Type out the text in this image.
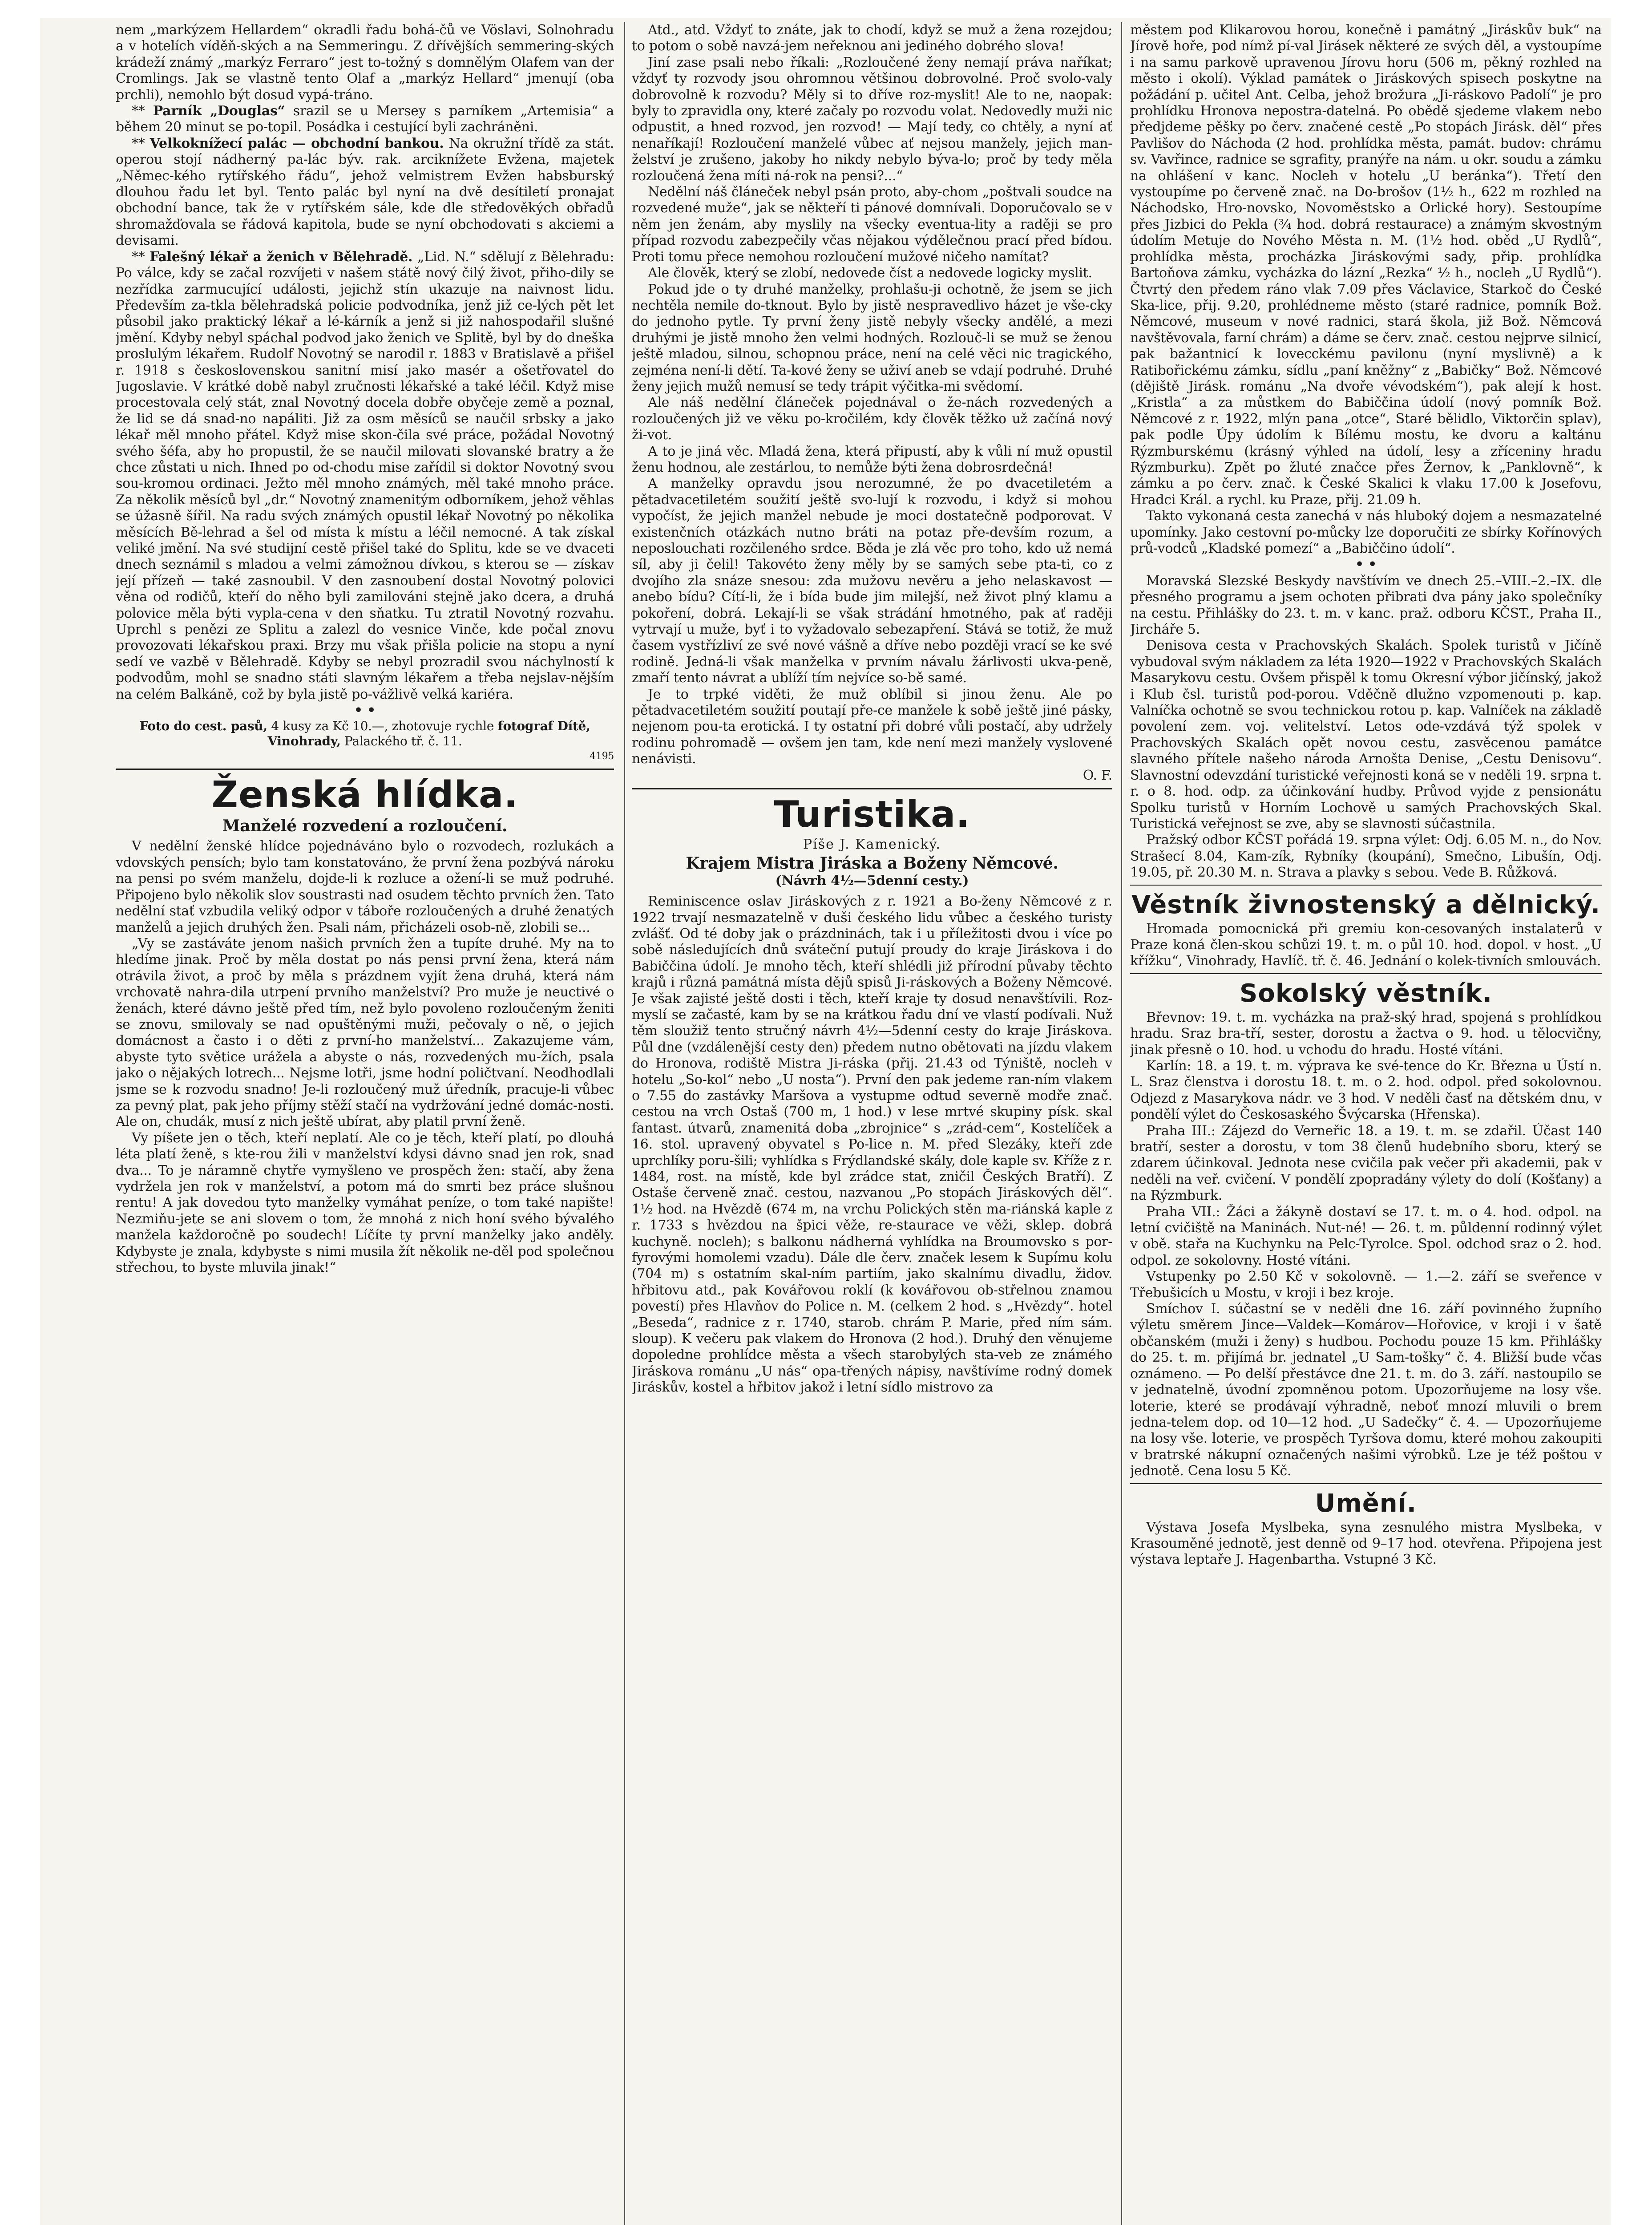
nem „markýzem Hellardem“ okradli řadu bohá-čů ve Vöslavi, Solnohradu a v hotelích víděň-ských a na Semmeringu. Z dřívějších semmering-ských krádeží známý „markýz Ferraro“ jest to-tožný s domnělým Olafem van der Cromlings. Jak se vlastně tento Olaf a „markýz Hellard“ jmenují (oba prchli), nemohlo být dosud vypá-tráno.

** Parník „Douglas“ srazil se u Mersey s parníkem „Artemisia“ a během 20 minut se po-topil. Posádka i cestující byli zachráněni.

** Velkoknížecí palác — obchodní bankou. Na okružní třídě za stát. operou stojí nádherný pa-lác býv. rak. arciknížete Evžena, majetek „Němec-kého rytířského řádu“, jehož velmistrem Evžen habsburský dlouhou řadu let byl. Tento palác byl nyní na dvě desítiletí pronajat obchodní bance, tak že v rytířském sále, kde dle středověkých obřadů shromažďovala se řádová kapitola, bude se nyní obchodovati s akciemi a devisami.

** Falešný lékař a ženich v Bělehradě. „Lid. N.“ sdělují z Bělehradu: Po válce, kdy se začal rozvíjeti v našem státě nový čilý život, přiho-dily se nezřídka zarmucující události, jejichž stín ukazuje na naivnost lidu. Především za-tkla bělehradská policie podvodníka, jenž již ce-lých pět let působil jako praktický lékař a lé-kárník a jenž si již nahospodařil slušné jmění. Kdyby nebyl spáchal podvod jako ženich ve Splitě, byl by do dneška proslulým lékařem. Rudolf Novotný se narodil r. 1883 v Bratislavě a přišel r. 1918 s československou sanitní misí jako masér a ošetřovatel do Jugoslavie. V krátké době nabyl zručnosti lékařské a také léčil. Když mise procestovala celý stát, znal Novotný docela dobře obyčeje země a poznal, že lid se dá snad-no napáliti. Již za osm měsíců se naučil srbsky a jako lékař měl mnoho přátel. Když mise skon-čila své práce, požádal Novotný svého šéfa, aby ho propustil, že se naučil milovati slovanské bratry a že chce zůstati u nich. Ihned po od-chodu mise zařídil si doktor Novotný svou sou-kromou ordinaci. Ježto měl mnoho známých, měl také mnoho práce. Za několik měsíců byl „dr.“ Novotný znamenitým odborníkem, jehož věhlas se úžasně šířil. Na radu svých známých opustil lékař Novotný po několika měsících Bě-lehrad a šel od místa k místu a léčil nemocné. A tak získal veliké jmění. Na své studijní cestě přišel také do Splitu, kde se ve dvaceti dnech seznámil s mladou a velmi zámožnou dívkou, s kterou se — získav její přízeň — také zasnoubil. V den zasnoubení dostal Novotný polovici věna od rodičů, kteří do něho byli zamilováni stejně jako dcera, a druhá polovice měla býti vypla-cena v den sňatku. Tu ztratil Novotný rozvahu. Uprchl s penězi ze Splitu a zalezl do vesnice Vinče, kde počal znovu provozovati lékařskou praxi. Brzy mu však přišla policie na stopu a nyní sedí ve vazbě v Bělehradě. Kdyby se nebyl prozradil svou náchylností k podvodům, mohl se snadno státi slavným lékařem a třeba nejslav-nějším na celém Balkáně, což by byla jistě po-vážlivě velká kariéra.

• •
Foto do cest. pasů, 4 kusy za Kč 10.—, zhotovuje rychle fotograf Dítě, Vinohrady, Palackého tř. č. 11.
4195
Ženská hlídka.
Manželé rozvedení a rozloučení.

V nedělní ženské hlídce pojednáváno bylo o rozvodech, rozlukách a vdovských pensích; bylo tam konstatováno, že první žena pozbývá nároku na pensi po svém manželu, dojde-li k rozluce a ožení-li se muž podruhé. Připojeno bylo několik slov soustrasti nad osudem těchto prvních žen. Tato nedělní stať vzbudila veliký odpor v táboře rozloučených a druhé ženatých manželů a jejich druhých žen. Psali nám, přicházeli osob-ně, zlobili se...

„Vy se zastáváte jenom našich prvních žen a tupíte druhé. My na to hledíme jinak. Proč by měla dostat po nás pensi první žena, která nám otrávila život, a proč by měla s prázdnem vyjít žena druhá, která nám vrchovatě nahra-dila utrpení prvního manželství? Pro muže je neuctivé o ženách, které dávno ještě před tím, než bylo povoleno rozloučeným ženiti se znovu, smilovaly se nad opuštěnými muži, pečovaly o ně, o jejich domácnost a často i o děti z první-ho manželství... Zakazujeme vám, abyste tyto světice urážela a abyste o nás, rozvedených mu-žích, psala jako o nějakých lotrech... Nejsme lotři, jsme hodní poličtvaní. Neodhodlali jsme se k rozvodu snadno! Je-li rozloučený muž úředník, pracuje-li vůbec za pevný plat, pak jeho příjmy stěží stačí na vydržování jedné domác-nosti. Ale on, chudák, musí z nich ještě ubírat, aby platil první ženě.

Vy píšete jen o těch, kteří neplatí. Ale co je těch, kteří platí, po dlouhá léta platí ženě, s kte-rou žili v manželství kdysi dávno snad jen rok, snad dva... To je náramně chytře vymyšleno ve prospěch žen: stačí, aby žena vydržela jen rok v manželství, a potom má do smrti bez práce slušnou rentu! A jak dovedou tyto manželky vymáhat peníze, o tom také napište! Nezmiňu-jete se ani slovem o tom, že mnohá z nich honí svého bývalého manžela každoročně po soudech! Líčíte ty první manželky jako anděly. Kdybyste je znala, kdybyste s nimi musila žít několik ne-děl pod společnou střechou, to byste mluvila jinak!“

Atd., atd. Vždyť to znáte, jak to chodí, když se muž a žena rozejdou; to potom o sobě navzá-jem neřeknou ani jediného dobrého slova!

Jiní zase psali nebo říkali: „Rozloučené ženy nemají práva naříkat; vždyť ty rozvody jsou ohromnou většinou dobrovolné. Proč svolo-valy dobrovolně k rozvodu? Měly si to dříve roz-myslit! Ale to ne, naopak: byly to zpravidla ony, které začaly po rozvodu volat. Nedovedly muži nic odpustit, a hned rozvod, jen rozvod! — Mají tedy, co chtěly, a nyní ať nenaříkají! Rozloučení manželé vůbec ať nejsou manžely, jejich man-želství je zrušeno, jakoby ho nikdy nebylo býva-lo; proč by tedy měla rozloučená žena míti ná-rok na pensi?...“

Nedělní náš článeček nebyl psán proto, aby-chom „poštvali soudce na rozvedené muže“, jak se někteří ti pánové domnívali. Doporučovalo se v něm jen ženám, aby myslily na všecky eventua-lity a raději se pro případ rozvodu zabezpečily včas nějakou výdělečnou prací před bídou. Proti tomu přece nemohou rozloučení mužové ničeho namítat?

Ale člověk, který se zlobí, nedovede číst a nedovede logicky myslit.

Pokud jde o ty druhé manželky, prohlašu-ji ochotně, že jsem se jich nechtěla nemile do-tknout. Bylo by jistě nespravedlivo házet je vše-cky do jednoho pytle. Ty první ženy jistě nebyly všecky andělé, a mezi druhými je jistě mnoho žen velmi hodných. Rozlouč-li se muž se ženou ještě mladou, silnou, schopnou práce, není na celé věci nic tragického, zejména není-li dětí. Ta-kové ženy se uživí aneb se vdají podruhé. Druhé ženy jejich mužů nemusí se tedy trápit výčitka-mi svědomí.

Ale náš nedělní článeček pojednával o že-nách rozvedených a rozloučených již ve věku po-kročilém, kdy člověk těžko už začíná nový ži-vot.

A to je jiná věc. Mladá žena, která připustí, aby k vůli ní muž opustil ženu hodnou, ale zestárlou, to nemůže býti žena dobrosrdečná!

A manželky opravdu jsou nerozumné, že po dvacetiletém a pětadvacetiletém soužití ještě svo-lují k rozvodu, i když si mohou vypočíst, že jejich manžel nebude je moci dostatečně podporovat. V existenčních otázkách nutno bráti na potaz pře-devším rozum, a neposlouchati rozčileného srdce. Běda je zlá věc pro toho, kdo už nemá síl, aby ji čelil! Takovéto ženy měly by se samých sebe pta-ti, co z dvojího zla snáze snesou: zda mužovu nevěru a jeho nelaskavost — anebo bídu? Cítí-li, že i bída bude jim milejší, než život plný klamu a pokoření, dobrá. Lekají-li se však strádání hmotného, pak ať raději vytrvají u muže, byť i to vyžadovalo sebezapření. Stává se totiž, že muž časem vystřízliví ze své nové vášně a dříve nebo později vrací se ke své rodině. Jedná-li však manželka v prvním návalu žárlivosti ukva-peně, zmaří tento návrat a ublíží tím nejvíce so-bě samé.

Je to trpké viděti, že muž oblíbil si jinou ženu. Ale po pětadvacetiletém soužití poutají pře-ce manžele k sobě ještě jiné pásky, nejenom pou-ta erotická. I ty ostatní při dobré vůli postačí, aby udržely rodinu pohromadě — ovšem jen tam, kde není mezi manžely vyslovené nenávisti.

O. F.
Turistika.
Píše J. Kamenický.
Krajem Mistra Jiráska a Boženy Němcové.
(Návrh 4½—5denní cesty.)

Reminiscence oslav Jiráskových z r. 1921 a Bo-ženy Němcové z r. 1922 trvají nesmazatelně v duši českého lidu vůbec a českého turisty zvlášť. Od té doby jak o prázdninách, tak i u příležitosti dvou i více po sobě následujících dnů sváteční putují proudy do kraje Jiráskova i do Babiččina údolí. Je mnoho těch, kteří shlédli již přírodní půvaby těchto krajů i různá památná místa dějů spisů Ji-ráskových a Boženy Němcové. Je však zajisté ještě dosti i těch, kteří kraje ty dosud nenavštívili. Roz-myslí se začasté, kam by se na krátkou řadu dní ve vlastí podívali. Nuž těm sloužiž tento stručný návrh 4½—5denní cesty do kraje Jiráskova. Půl dne (vzdálenější cesty den) předem nutno obětovati na jízdu vlakem do Hronova, rodiště Mistra Ji-ráska (přij. 21.43 od Týniště, nocleh v hotelu „So-kol“ nebo „U nosta“). První den pak jedeme ran-ním vlakem o 7.55 do zastávky Maršova a vystupme odtud severně modře znač. cestou na vrch Ostaš (700 m, 1 hod.) v lese mrtvé skupiny písk. skal fantast. útvarů, znamenitá doba „zbrojnice“ s „zrád-cem“, Kostelíček a 16. stol. upravený obyvatel s Po-lice n. M. před Slezáky, kteří zde uprchlíky poru-šili; vyhlídka s Frýdlandské skály, dole kaple sv. Kříže z r. 1484, rost. na místě, kde byl zrádce stat, zničil Českých Bratří). Z Ostaše červeně znač. cestou, nazvanou „Po stopách Jiráskových děl“. 1½ hod. na Hvězdě (674 m, na vrchu Polických stěn ma-riánská kaple z r. 1733 s hvězdou na špici věže, re-staurace ve věži, sklep. dobrá kuchyně. nocleh); s balkonu nádherná vyhlídka na Broumovsko s por-fyrovými homolemi vzadu). Dále dle červ. značek lesem k Supímu kolu (704 m) s ostatním skal-ním partiím, jako skalnímu divadlu, židov. hřbitovu atd., pak Kovářovou roklí (k kovářovou ob-střelnou znamou povestí) přes Hlavňov do Police n. M. (celkem 2 hod. s „Hvězdy“. hotel „Beseda“, radnice z r. 1740, starob. chrám P. Marie, před ním sám. sloup). K večeru pak vlakem do Hronova (2 hod.). Druhý den věnujeme dopoledne prohlídce města a všech starobylých sta-veb ze známého Jiráskova románu „U nás“ opa-třených nápisy, navštívíme rodný domek Jiráskův, kostel a hřbitov jakož i letní sídlo mistrovo za

městem pod Klikarovou horou, konečně i památný „Jiráskův buk“ na Jírově hoře, pod nímž pí-val Jirásek některé ze svých děl, a vystoupíme i na samu parkově upravenou Jírovu horu (506 m, pěkný rozhled na město i okolí). Výklad památek o Jiráskových spisech poskytne na požádání p. učitel Ant. Celba, jehož brožura „Ji-ráskovo Padolí“ je pro prohlídku Hronova nepostra-datelná. Po obědě sjedeme vlakem nebo předjdeme pěšky po červ. značené cestě „Po stopách Jirásk. děl“ přes Pavlišov do Náchoda (2 hod. prohlídka města, památ. budov: chrámu sv. Vavřince, radnice se sgrafity, pranýře na nám. u okr. soudu a zámku na ohlášení v kanc. Nocleh v hotelu „U beránka“). Třetí den vystoupíme po červeně znač. na Do-brošov (1½ h., 622 m rozhled na Náchodsko, Hro-novsko, Novoměstsko a Orlické hory). Sestoupíme přes Jizbici do Pekla (¾ hod. dobrá restaurace) a známým skvostným údolím Metuje do Nového Města n. M. (1½ hod. oběd „U Rydlů“, prohlídka města, procházka Jiráskovými sady, přip. prohlídka Bartoňova zámku, vycházka do lázní „Rezka“ ½ h., nocleh „U Rydlů“). Čtvrtý den předem ráno vlak 7.09 přes Václavice, Starkoč do České Ska-lice, přij. 9.20, prohlédneme město (staré radnice, pomník Bož. Němcové, museum v nové radnici, stará škola, již Bož. Němcová navštěvovala, farní chrám) a dáme se červ. znač. cestou nejprve silnicí, pak bažantnicí k lovecckému pavilonu (nyní myslivně) a k Ratibořickému zámku, sídlu „paní kněžny“ z „Babičky“ Bož. Němcové (dějiště Jirásk. románu „Na dvoře vévodském“), pak alejí k host. „Kristla“ a za můstkem do Babiččina údolí (nový pomník Bož. Němcové z r. 1922, mlýn pana „otce“, Staré bělidlo, Viktorčin splav), pak podle Úpy údolím k Bílému mostu, ke dvoru a kaltánu Rýzmburskému (krásný výhled na údolí, lesy a zříceniny hradu Rýzmburku). Zpět po žluté značce přes Žernov, k „Panklovně“, k zámku a po červ. znač. k České Skalici k vlaku 17.00 k Josefovu, Hradci Král. a rychl. ku Praze, přij. 21.09 h.

Takto vykonaná cesta zanechá v nás hluboký dojem a nesmazatelné upomínky. Jako cestovní po-můcky lze doporučiti ze sbírky Kořínových prů-vodců „Kladské pomezí“ a „Babiččino údolí“.

• •

Moravská Slezské Beskydy navštívím ve dnech 25.–VIII.–2.–IX. dle přesného programu a jsem ochoten přibrati dva pány jako společníky na cestu. Přihlášky do 23. t. m. v kanc. praž. odboru KČST., Praha II., Jircháře 5.

Denisova cesta v Prachovských Skalách. Spolek turistů v Jičíně vybudoval svým nákladem za léta 1920—1922 v Prachovských Skalách Masarykovu cestu. Ovšem přispěl k tomu Okresní výbor jičínský, jakož i Klub čsl. turistů pod-porou. Vděčně dlužno vzpomenouti p. kap. Valníčka ochotně se svou technickou rotou p. kap. Valníček na základě povolení zem. voj. velitelství. Letos ode-vzdává týž spolek v Prachovských Skalách opět novou cestu, zasvěcenou památce slavného přítele našeho národa Arnošta Denise, „Cestu Denisovu“. Slavnostní odevzdání turistické veřejnosti koná se v neděli 19. srpna t. r. o 8. hod. odp. za účinkování hudby. Průvod vyjde z pensionátu Spolku turistů v Horním Lochově u samých Prachovských Skal. Turistická veřejnost se zve, aby se slavnosti súčastnila.

Pražský odbor KČST pořádá 19. srpna výlet: Odj. 6.05 M. n., do Nov. Strašecí 8.04, Kam-zík, Rybníky (koupání), Smečno, Libušín, Odj. 19.05, př. 20.30 M. n. Strava a plavky s sebou. Vede B. Růžková.

Věstník živnostenský a dělnický.

Hromada pomocnická při gremiu kon-cesovaných instalaterů v Praze koná člen-skou schůzi 19. t. m. o půl 10. hod. dopol. v host. „U křížku“, Vinohrady, Havlíč. tř. č. 46. Jednání o kolek-tivních smlouvách.

Sokolský věstník.

Břevnov: 19. t. m. vycházka na praž-ský hrad, spojená s prohlídkou hradu. Sraz bra-tří, sester, dorostu a žactva o 9. hod. u tělocvičny, jinak přesně o 10. hod. u vchodu do hradu. Hosté vítáni.

Karlín: 18. a 19. t. m. výprava ke své-tence do Kr. Března u Ústí n. L. Sraz členstva i dorostu 18. t. m. o 2. hod. odpol. před sokolovnou. Odjezd z Masarykova nádr. ve 3 hod. V neděli časť na dětském dnu, v pondělí výlet do Českosaského Švýcarska (Hřenska).

Praha III.: Zájezd do Verneřic 18. a 19. t. m. se zdařil. Účast 140 bratří, sester a dorostu, v tom 38 členů hudebního sboru, který se zdarem účinkoval. Jednota nese cvičila pak večer při akademii, pak v neděli na veř. cvičení. V pondělí zpopradány výlety do dolí (Košťany) a na Rýzmburk.

Praha VII.: Žáci a žákyně dostaví se 17. t. m. o 4. hod. odpol. na letní cvičiště na Maninách. Nut-né! — 26. t. m. půldenní rodinný výlet v obě. stařa na Kuchynku na Pelc-Tyrolce. Spol. odchod sraz o 2. hod. odpol. ze sokolovny. Hosté vítáni.

Vstupenky po 2.50 Kč v sokolovně. — 1.—2. září se sveřence v Třebušicích u Mostu, v kroji i bez kroje.

Smíchov I. súčastní se v neděli dne 16. září povinného župního výletu směrem Jince—Valdek—Komárov—Hořovice, v kroji i v šatě občanském (muži i ženy) s hudbou. Pochodu pouze 15 km. Přihlášky do 25. t. m. přijímá br. jednatel „U Sam-tošky“ č. 4. Bližší bude včas oznámeno. — Po delší přestávce dne 21. t. m. do 3. září. nastoupilo se v jednatelně, úvodní zpomněnou potom. Upozorňujeme na losy vše. loterie, které se prodávají výhradně, neboť mnozí mluvili o brem jedna-telem dop. od 10—12 hod. „U Sadečky“ č. 4. — Upozorňujeme na losy vše. loterie, ve prospěch Tyršova domu, které mohou zakoupiti v bratrské nákupní označených našimi výrobků. Lze je též poštou v jednotě. Cena losu 5 Kč.

Umění.

Výstava Josefa Myslbeka, syna zesnulého mistra Myslbeka, v Krasouměné jednotě, jest denně od 9–17 hod. otevřena. Připojena jest výstava leptaře J. Hagenbartha. Vstupné 3 Kč.
